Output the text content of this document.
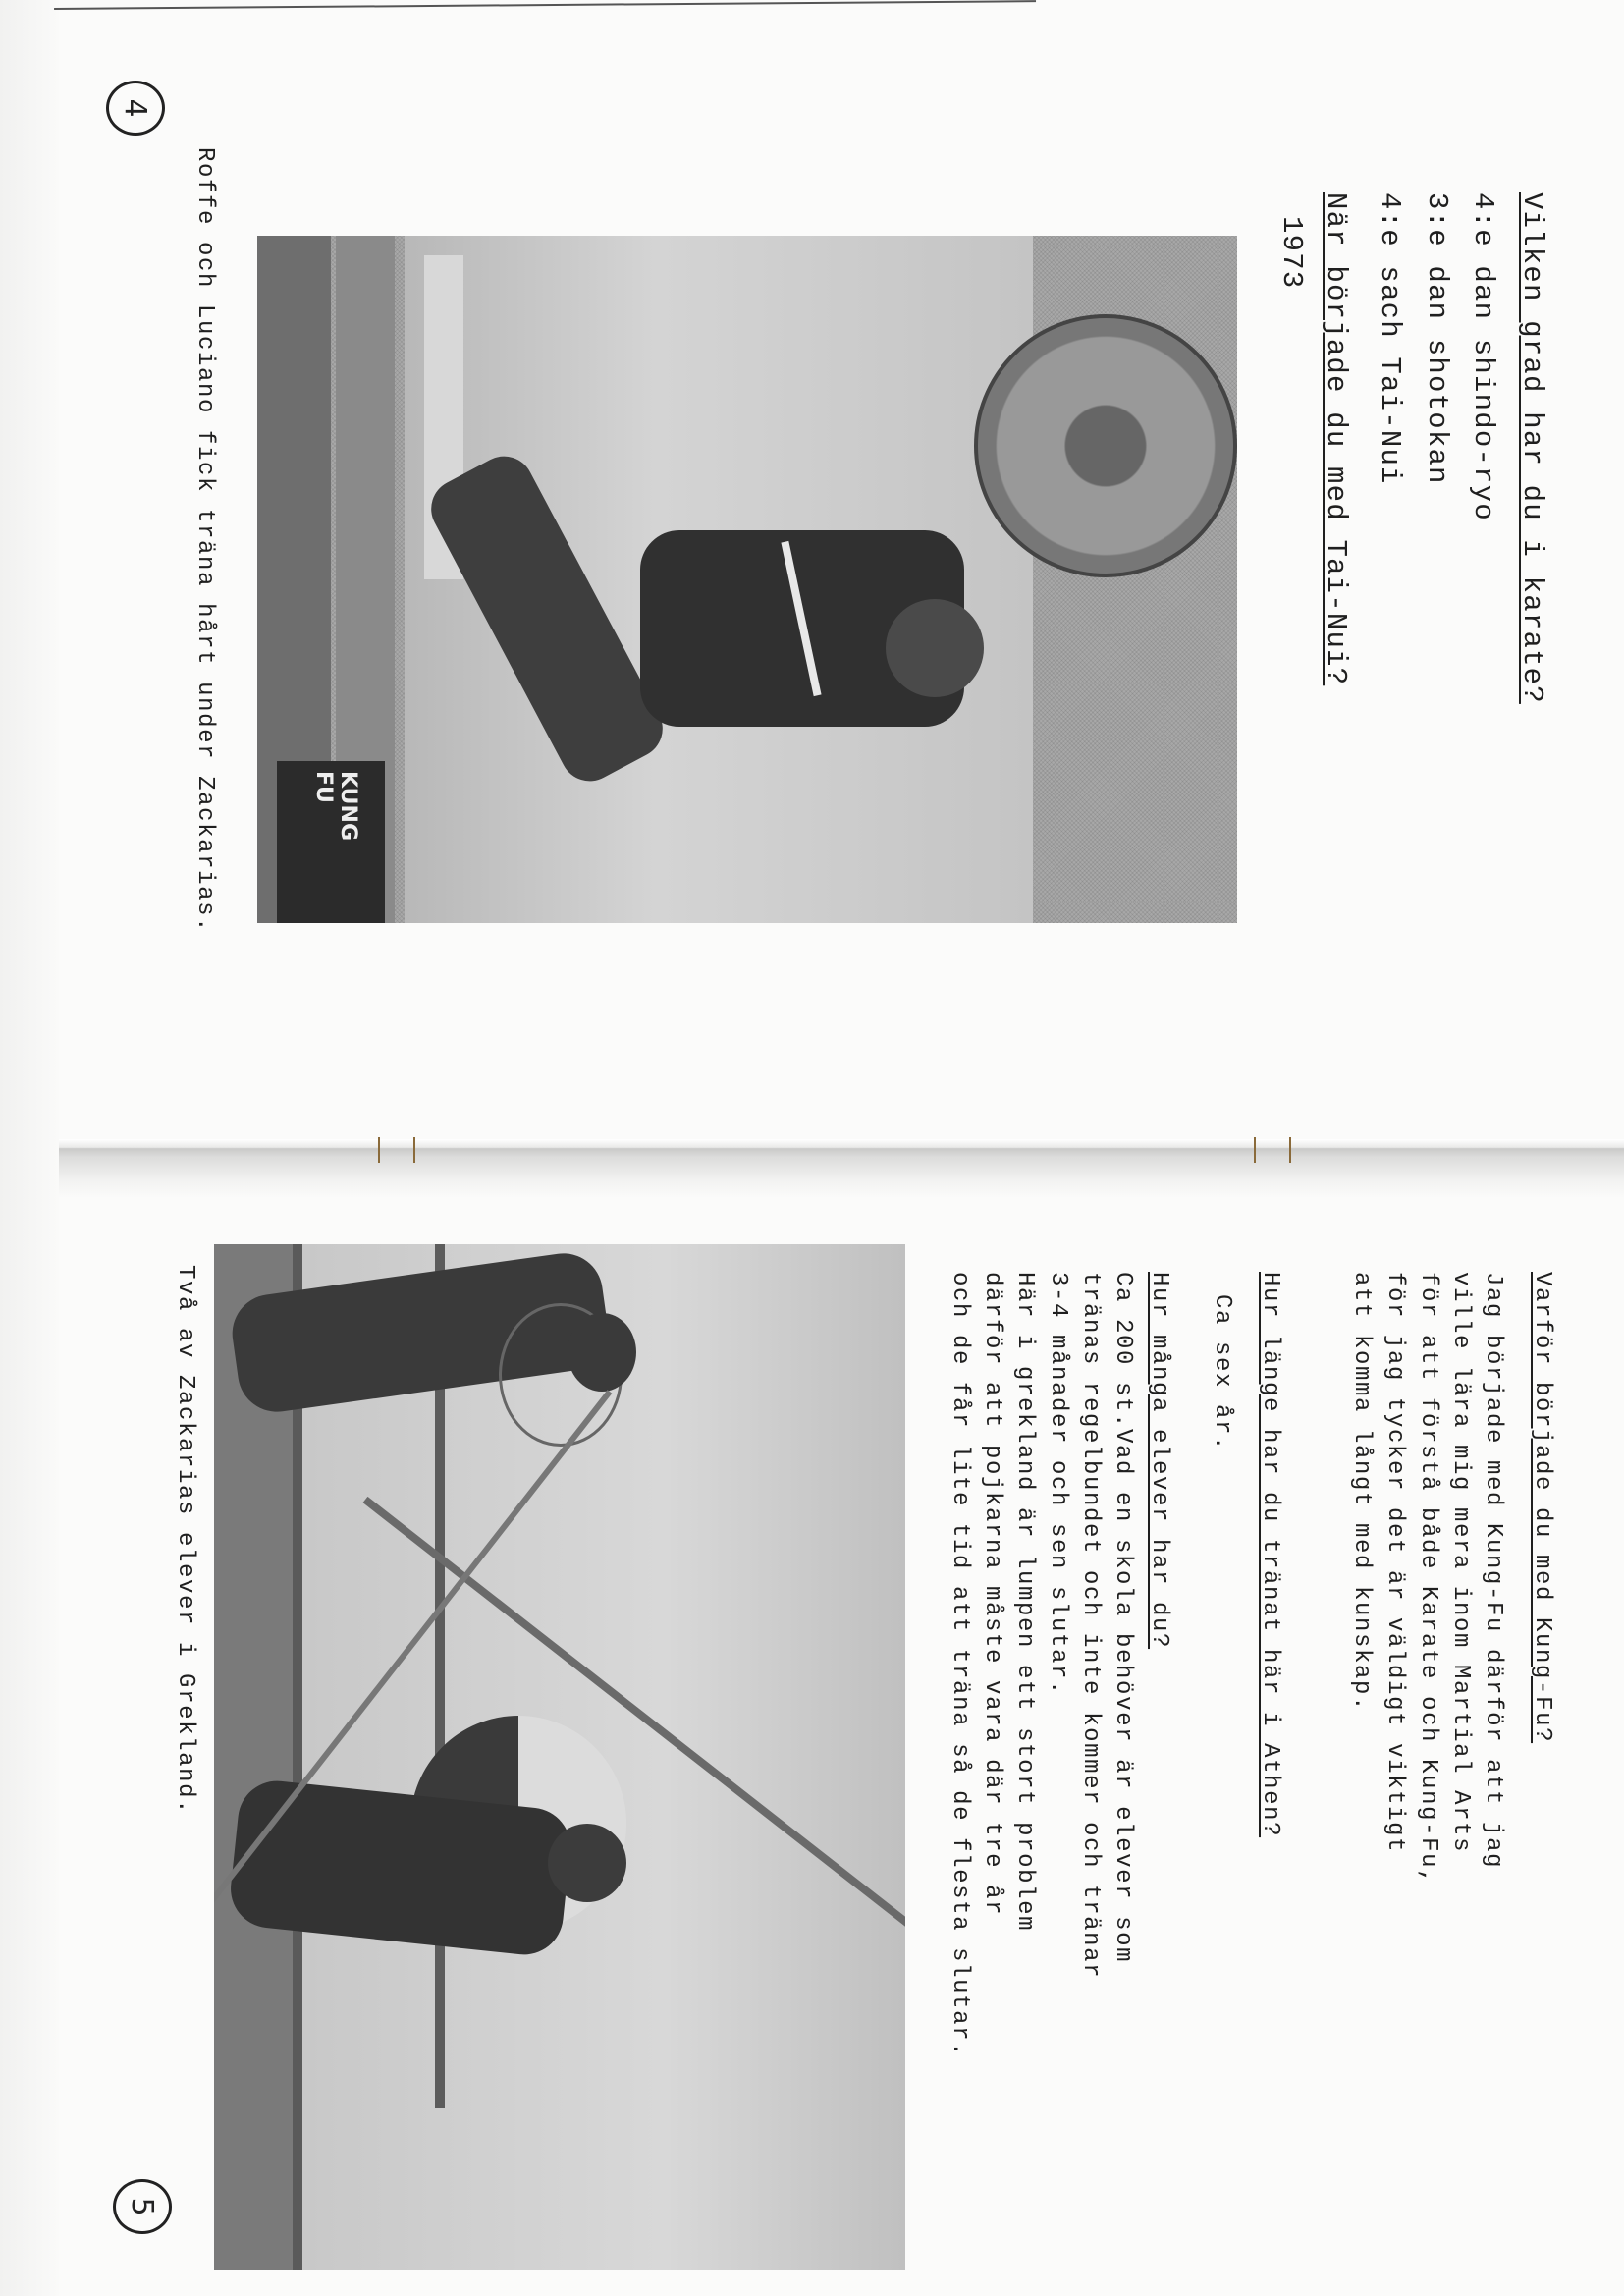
4
Vilken grad har du i karate?
4:e dan shindo-ryo
3:e dan shotokan
4:e sach Tai-Nui
När började du med Tai-Nui?
1973
KUNG FU
Roffe och Luciano fick träna hårt under Zackarias.
Varför började du med Kung-Fu?
Jag började med Kung-Fu därför att jag
ville lära mig mera inom Martial Arts
för att förstå både Karate och Kung-Fu,
för jag tycker det är väldigt viktigt
att komma långt med kunskap.
Hur länge har du tränat här i Athen?
Ca sex år.
Hur många elever har du?
Ca 200 st.Vad en skola behöver är elever som
tränas regelbundet och inte kommer och tränar
3-4 månader och sen slutar.
Här i grekland är lumpen ett stort problem
därför att pojkarna måste vara där tre år
och de får lite tid att träna så de flesta slutar.
Två av Zackarias elever i Grekland.
5
